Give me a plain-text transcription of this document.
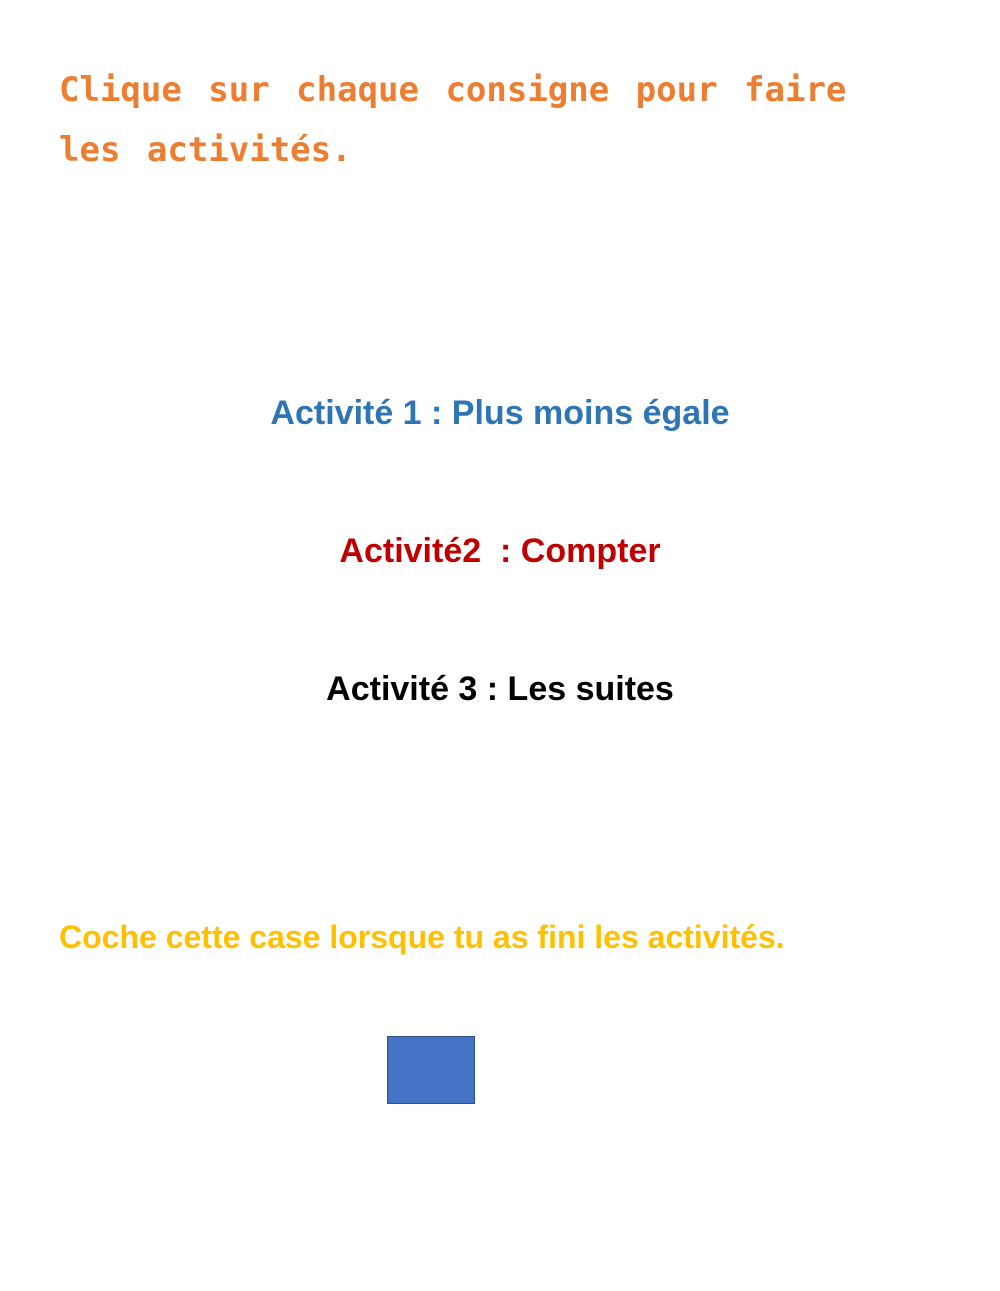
Clique sur chaque consigne pour faire les activités.
Activité 1 : Plus moins égale
Activité2  : Compter
Activité 3 : Les suites
Coche cette case lorsque tu as fini les activités.
